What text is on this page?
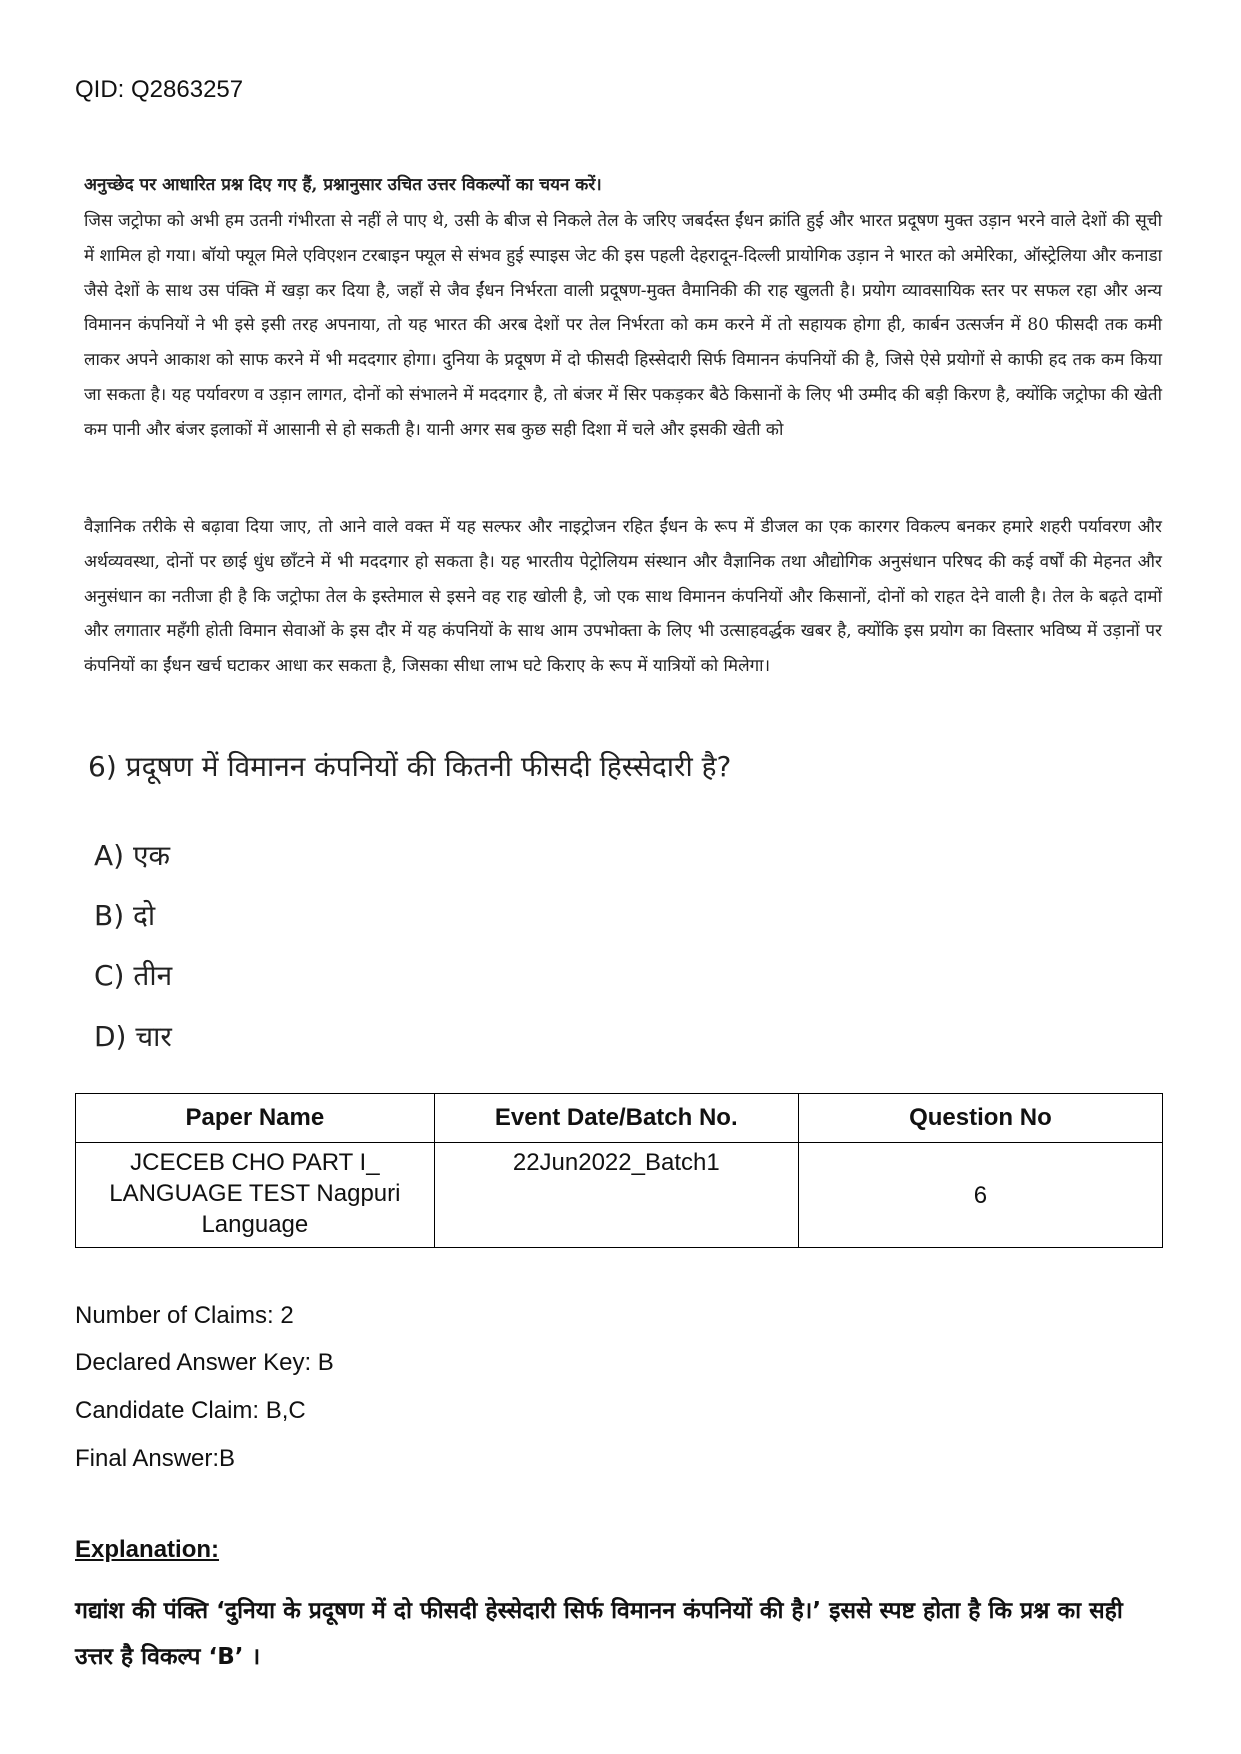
QID: Q2863257
अनुच्छेद पर आधारित प्रश्न दिए गए हैं, प्रश्नानुसार उचित उत्तर विकल्पों का चयन करें।

जिस जट्रोफा को अभी हम उतनी गंभीरता से नहीं ले पाए थे, उसी के बीज से निकले तेल के जरिए जबर्दस्त ईंधन क्रांति हुई और भारत प्रदूषण मुक्त उड़ान भरने वाले देशों की सूची में शामिल हो गया। बॉयो फ्यूल मिले एविएशन टरबाइन फ्यूल से संभव हुई स्पाइस जेट की इस पहली देहरादून-दिल्ली प्रायोगिक उड़ान ने भारत को अमेरिका, ऑस्ट्रेलिया और कनाडा जैसे देशों के साथ उस पंक्ति में खड़ा कर दिया है, जहाँ से जैव ईंधन निर्भरता वाली प्रदूषण-मुक्त वैमानिकी की राह खुलती है। प्रयोग व्यावसायिक स्तर पर सफल रहा और अन्य विमानन कंपनियों ने भी इसे इसी तरह अपनाया, तो यह भारत की अरब देशों पर तेल निर्भरता को कम करने में तो सहायक होगा ही, कार्बन उत्सर्जन में 80 फीसदी तक कमी लाकर अपने आकाश को साफ करने में भी मददगार होगा। दुनिया के प्रदूषण में दो फीसदी हिस्सेदारी सिर्फ विमानन कंपनियों की है, जिसे ऐसे प्रयोगों से काफी हद तक कम किया जा सकता है। यह पर्यावरण व उड़ान लागत, दोनों को संभालने में मददगार है, तो बंजर में सिर पकड़कर बैठे किसानों के लिए भी उम्मीद की बड़ी किरण है, क्योंकि जट्रोफा की खेती कम पानी और बंजर इलाकों में आसानी से हो सकती है। यानी अगर सब कुछ सही दिशा में चले और इसकी खेती को

वैज्ञानिक तरीके से बढ़ावा दिया जाए, तो आने वाले वक्त में यह सल्फर और नाइट्रोजन रहित ईंधन के रूप में डीजल का एक कारगर विकल्प बनकर हमारे शहरी पर्यावरण और अर्थव्यवस्था, दोनों पर छाई धुंध छाँटने में भी मददगार हो सकता है। यह भारतीय पेट्रोलियम संस्थान और वैज्ञानिक तथा औद्योगिक अनुसंधान परिषद की कई वर्षों की मेहनत और अनुसंधान का नतीजा ही है कि जट्रोफा तेल के इस्तेमाल से इसने वह राह खोली है, जो एक साथ विमानन कंपनियों और किसानों, दोनों को राहत देने वाली है। तेल के बढ़ते दामों और लगातार महँगी होती विमान सेवाओं के इस दौर में यह कंपनियों के साथ आम उपभोक्ता के लिए भी उत्साहवर्द्धक खबर है, क्योंकि इस प्रयोग का विस्तार भविष्य में उड़ानों पर कंपनियों का ईंधन खर्च घटाकर आधा कर सकता है, जिसका सीधा लाभ घटे किराए के रूप में यात्रियों को मिलेगा।

6) प्रदूषण में विमानन कंपनियों की कितनी फीसदी हिस्सेदारी है?
A) एक
B) दो
C) तीन
D) चार
Paper Name	Event Date/Batch No.	Question No
JCECEB CHO PART I_ LANGUAGE TEST Nagpuri Language	22Jun2022_Batch1	6
Number of Claims: 2
Declared Answer Key: B
Candidate Claim: B,C
Final Answer:B
Explanation:

गद्यांश की पंक्ति ‘दुनिया के प्रदूषण में दो फीसदी हेस्सेदारी सिर्फ विमानन कंपनियों की है।’ इससे स्पष्ट होता है कि प्रश्न का सही उत्तर है विकल्प ‘B’ ।
